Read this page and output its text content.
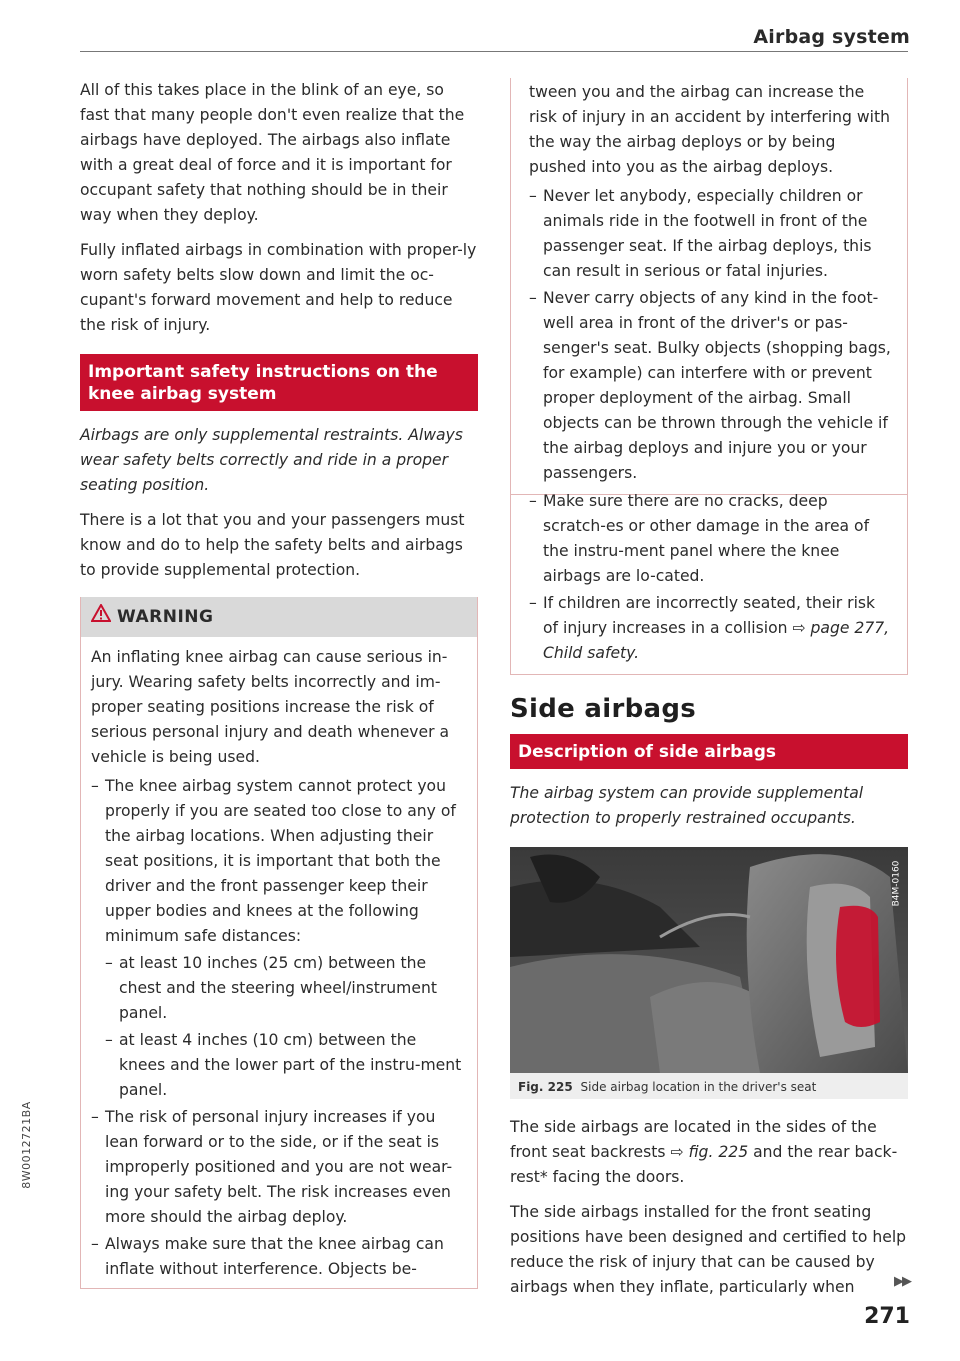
Airbag system

All of this takes place in the blink of an eye, so fast that many people don't even realize that the airbags have deployed. The airbags also inflate with a great deal of force and it is important for occupant safety that nothing should be in their way when they deploy.

Fully inflated airbags in combination with proper-ly worn safety belts slow down and limit the oc-cupant's forward movement and help to reduce the risk of injury.

Important safety instructions on the knee airbag system

Airbags are only supplemental restraints. Always wear safety belts correctly and ride in a proper seating position.

There is a lot that you and your passengers must know and do to help the safety belts and airbags to provide supplemental protection.

WARNING

An inflating knee airbag can cause serious in-jury. Wearing safety belts incorrectly and im-proper seating positions increase the risk of serious personal injury and death whenever a vehicle is being used.

– The knee airbag system cannot protect you properly if you are seated too close to any of the airbag locations. When adjusting their seat positions, it is important that both the driver and the front passenger keep their upper bodies and knees at the following minimum safe distances:
– at least 10 inches (25 cm) between the chest and the steering wheel/instrument panel.
– at least 4 inches (10 cm) between the knees and the lower part of the instru-ment panel.
– The risk of personal injury increases if you lean forward or to the side, or if the seat is improperly positioned and you are not wear-ing your safety belt. The risk increases even more should the airbag deploy.
– Always make sure that the knee airbag can inflate without interference. Objects be-

tween you and the airbag can increase the risk of injury in an accident by interfering with the way the airbag deploys or by being pushed into you as the airbag deploys.

– Never let anybody, especially children or animals ride in the footwell in front of the passenger seat. If the airbag deploys, this can result in serious or fatal injuries.
– Never carry objects of any kind in the foot-well area in front of the driver's or pas-senger's seat. Bulky objects (shopping bags, for example) can interfere with or prevent proper deployment of the airbag. Small objects can be thrown through the vehicle if the airbag deploys and injure you or your passengers.
– Make sure there are no cracks, deep scratch-es or other damage in the area of the instru-ment panel where the knee airbags are lo-cated.
– If children are incorrectly seated, their risk of injury increases in a collision ⇨ page 277, Child safety.
Side airbags
Description of side airbags

The airbag system can provide supplemental protection to properly restrained occupants.

B4M-0160
Fig. 225 Side airbag location in the driver's seat

The side airbags are located in the sides of the front seat backrests ⇨ fig. 225 and the rear back-rest* facing the doors.

The side airbags installed for the front seating positions have been designed and certified to help reduce the risk of injury that can be caused by airbags when they inflate, particularly when	▶▶
271
8W0012721BA
